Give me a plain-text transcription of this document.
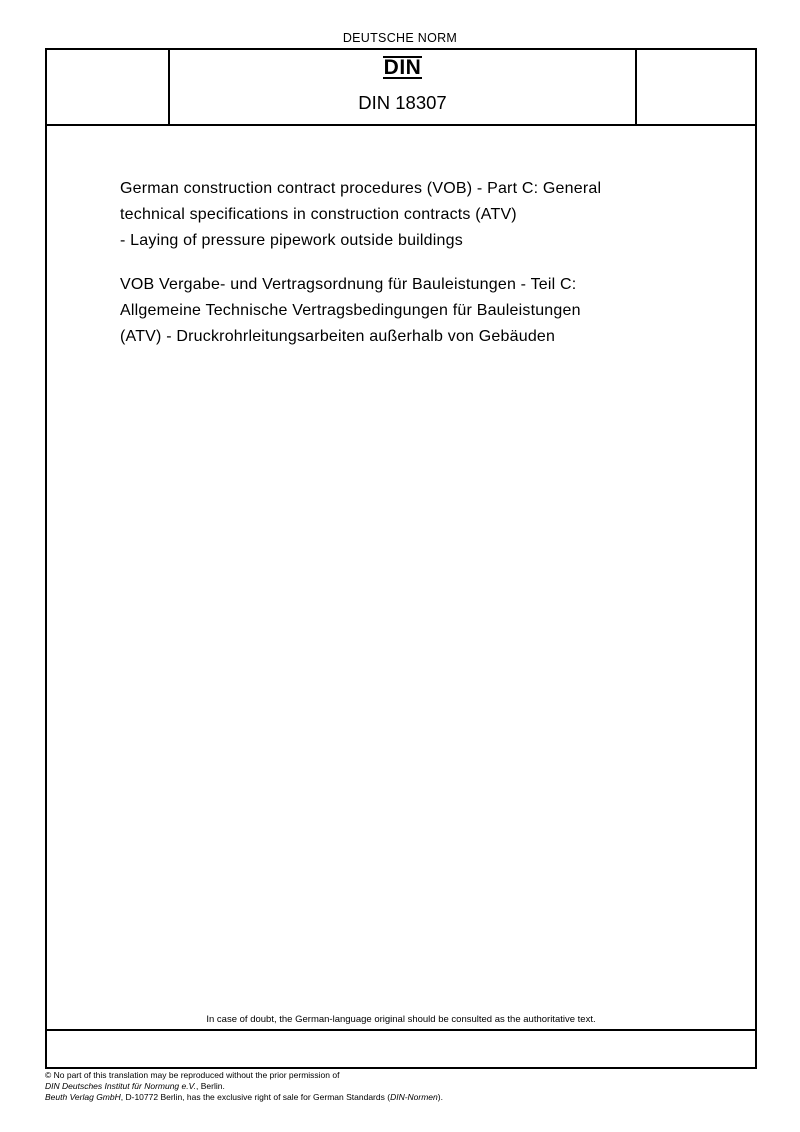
DEUTSCHE NORM
DIN
DIN 18307
German construction contract procedures (VOB) - Part C: General
technical specifications in construction contracts (ATV)
- Laying of pressure pipework outside buildings
VOB Vergabe- und Vertragsordnung für Bauleistungen - Teil C:
Allgemeine Technische Vertragsbedingungen für Bauleistungen
(ATV) - Druckrohrleitungsarbeiten außerhalb von Gebäuden
In case of doubt, the German-language original should be consulted as the authoritative text.
© No part of this translation may be reproduced without the prior permission of
DIN Deutsches Institut für Normung e.V., Berlin.
Beuth Verlag GmbH, D-10772 Berlin, has the exclusive right of sale for German Standards (DIN-Normen).
